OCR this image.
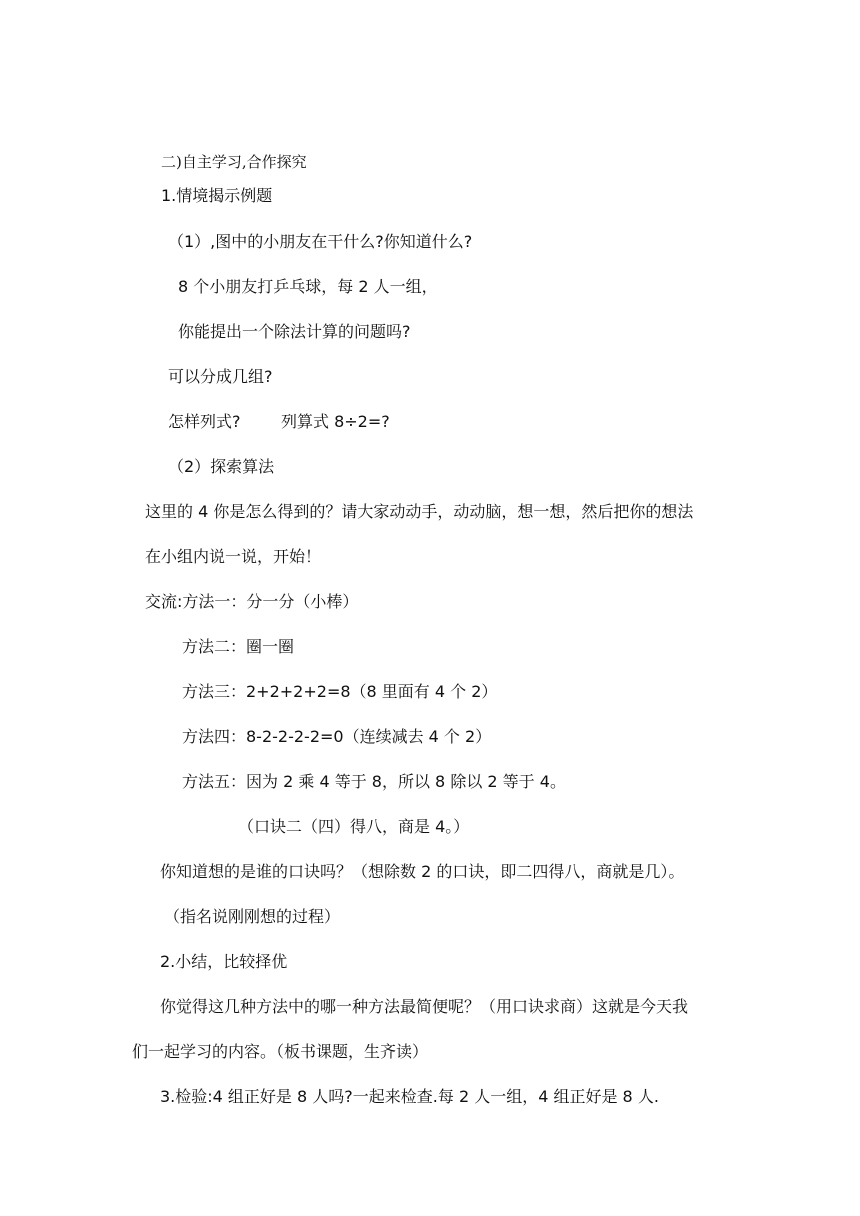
二)自主学习,合作探究
1.情境揭示例题
（1）,图中的小朋友在干什么?你知道什么?
8 个小朋友打乒乓球，每 2 人一组，
你能提出一个除法计算的问题吗?
可以分成几组?
怎样列式?	列算式 8÷2=?
（2）探索算法
这里的 4 你是怎么得到的？请大家动动手，动动脑，想一想，然后把你的想法
在小组内说一说，开始！
交流:方法一：分一分（小棒）
方法二：圈一圈
方法三：2+2+2+2=8（8 里面有 4 个 2）
方法四：8-2-2-2-2=0（连续减去 4 个 2）
方法五：因为 2 乘 4 等于 8，所以 8 除以 2 等于 4。
（口诀二（四）得八，商是 4。）
你知道想的是谁的口诀吗？（想除数 2 的口诀，即二四得八，商就是几）。
（指名说刚刚想的过程）
2.小结，比较择优
你觉得这几种方法中的哪一种方法最简便呢？（用口诀求商）这就是今天我
们一起学习的内容。（板书课题，生齐读）
3.检验:4 组正好是 8 人吗?一起来检查.每 2 人一组，4 组正好是 8 人.
